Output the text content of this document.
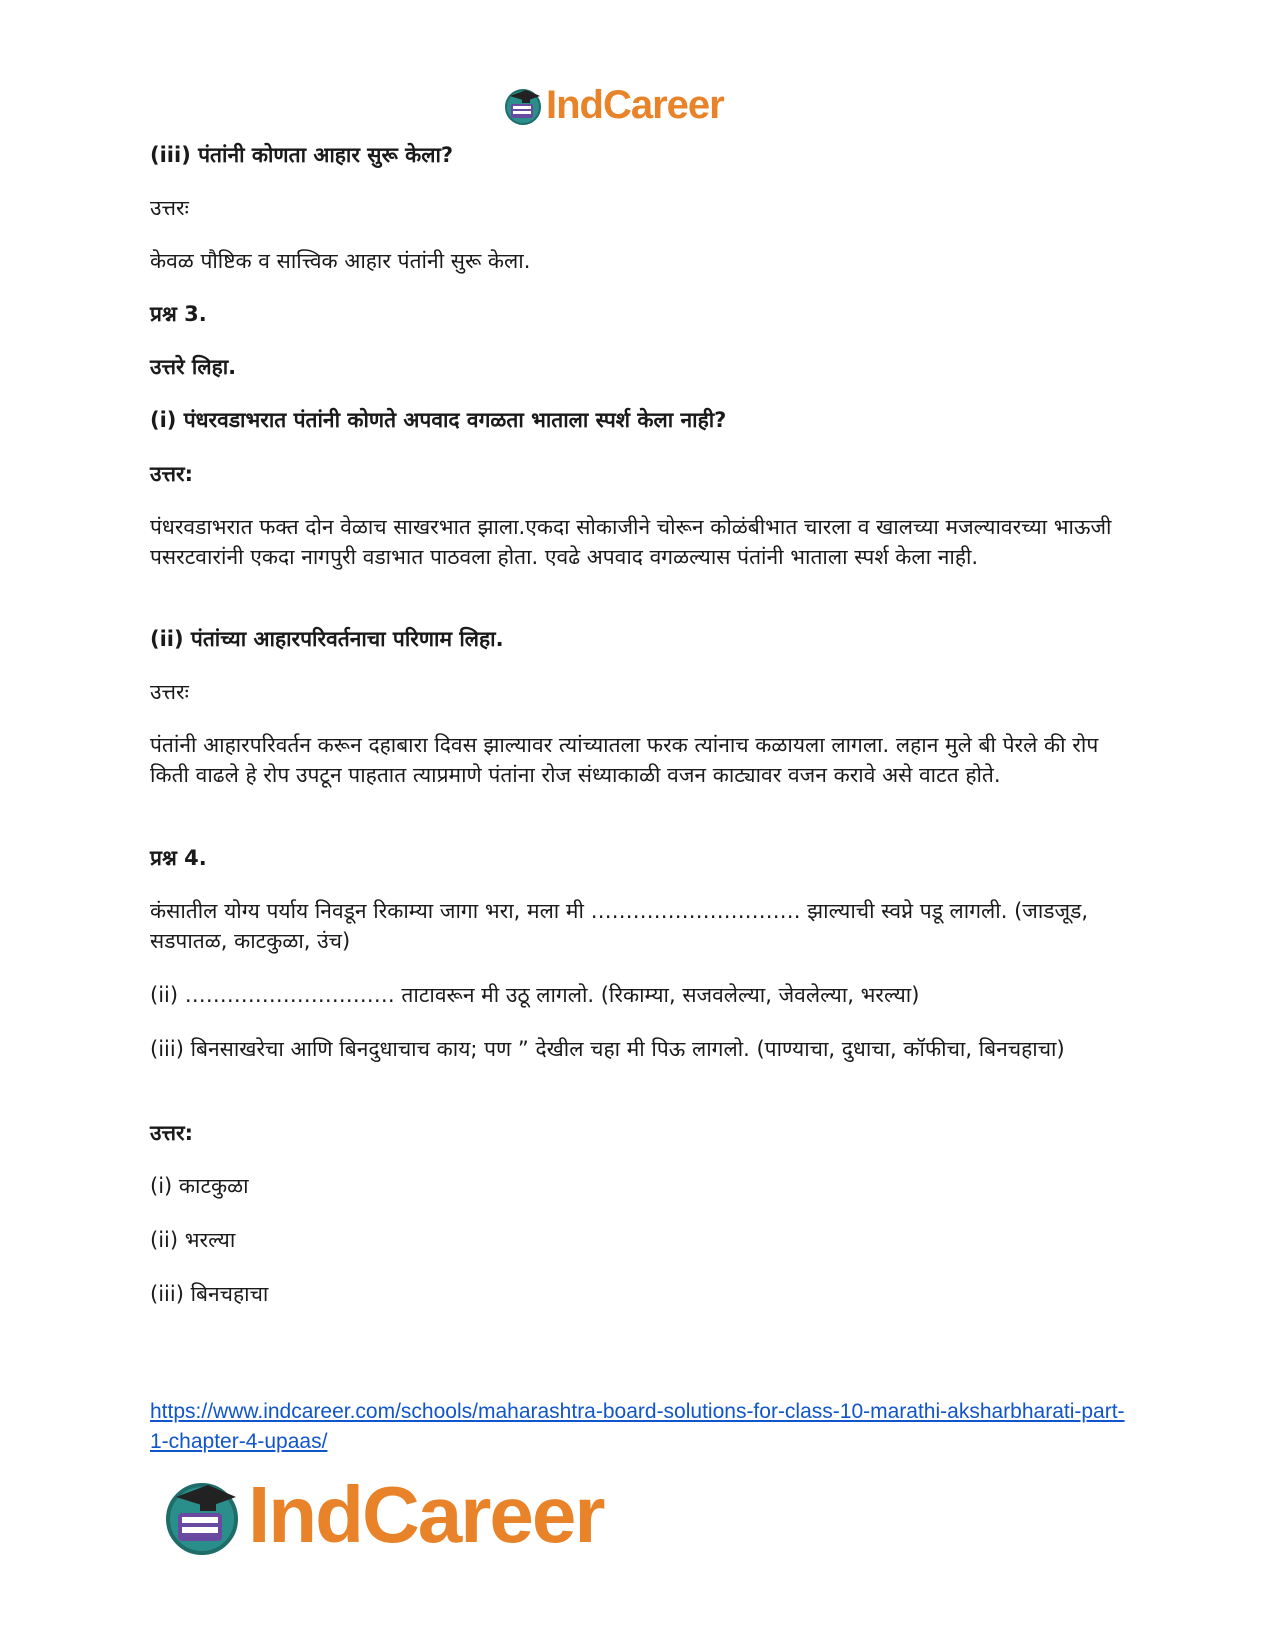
IndCareer
(iii) पंतांनी कोणता आहार सुरू केला?
उत्तरः
केवळ पौष्टिक व सात्त्विक आहार पंतांनी सुरू केला.
प्रश्न 3.
उत्तरे लिहा.
(i) पंधरवडाभरात पंतांनी कोणते अपवाद वगळता भाताला स्पर्श केला नाही?
उत्तर:
पंधरवडाभरात फक्त दोन वेळाच साखरभात झाला.एकदा सोकाजीने चोरून कोळंबीभात चारला व खालच्या मजल्यावरच्या भाऊजी पसरटवारांनी एकदा नागपुरी वडाभात पाठवला होता. एवढे अपवाद वगळल्यास पंतांनी भाताला स्पर्श केला नाही.
(ii) पंतांच्या आहारपरिवर्तनाचा परिणाम लिहा.
उत्तरः
पंतांनी आहारपरिवर्तन करून दहाबारा दिवस झाल्यावर त्यांच्यातला फरक त्यांनाच कळायला लागला. लहान मुले बी पेरले की रोप किती वाढले हे रोप उपटून पाहतात त्याप्रमाणे पंतांना रोज संध्याकाळी वजन काट्यावर वजन करावे असे वाटत होते.
प्रश्न 4.
कंसातील योग्य पर्याय निवडून रिकाम्या जागा भरा, मला मी ………………………… झाल्याची स्वप्ने पडू लागली. (जाडजूड, सडपातळ, काटकुळा, उंच)
(ii) ………………………… ताटावरून मी उठू लागलो. (रिकाम्या, सजवलेल्या, जेवलेल्या, भरल्या)
(iii) बिनसाखरेचा आणि बिनदुधाचाच काय; पण ” देखील चहा मी पिऊ लागलो. (पाण्याचा, दुधाचा, कॉफीचा, बिनचहाचा)
उत्तर:
(i) काटकुळा
(ii) भरल्या
(iii) बिनचहाचा
https://www.indcareer.com/schools/maharashtra-board-solutions-for-class-10-marathi-aksharbharati-part-1-chapter-4-upaas/
IndCareer
